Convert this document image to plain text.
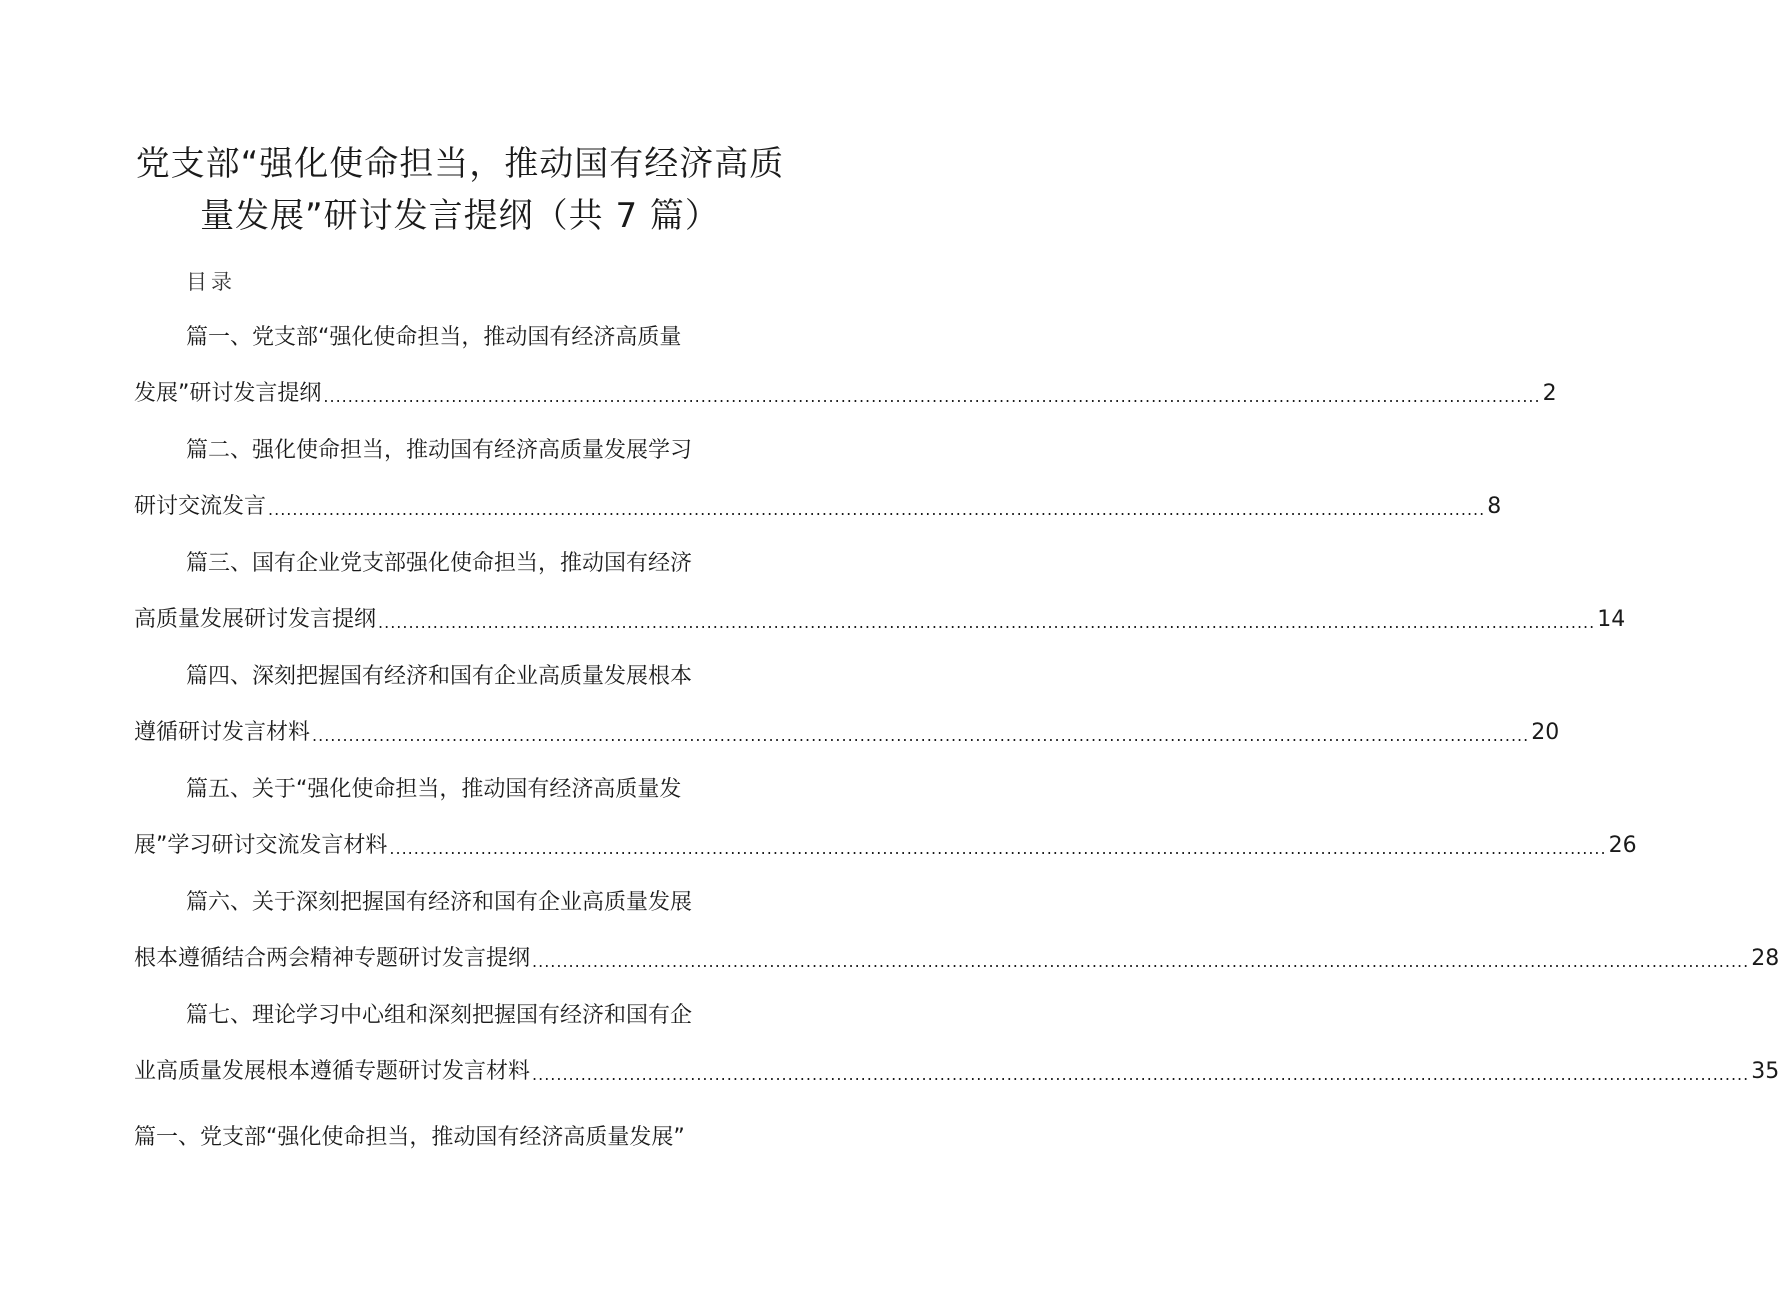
党支部“强化使命担当，推动国有经济高质
量发展”研讨发言提纲（共 7 篇）
目录
篇一、党支部“强化使命担当，推动国有经济高质量
发展”研讨发言提纲 ........................................................................................................................................................................................................ 2
篇二、强化使命担当，推动国有经济高质量发展学习
研讨交流发言 ........................................................................................................................................................................................................ 8
篇三、国有企业党支部强化使命担当，推动国有经济
高质量发展研讨发言提纲 ........................................................................................................................................................................................................ 14
篇四、深刻把握国有经济和国有企业高质量发展根本
遵循研讨发言材料 ........................................................................................................................................................................................................ 20
篇五、关于“强化使命担当，推动国有经济高质量发
展”学习研讨交流发言材料 ........................................................................................................................................................................................................ 26
篇六、关于深刻把握国有经济和国有企业高质量发展
根本遵循结合两会精神专题研讨发言提纲 ........................................................................................................................................................................................................ 28
篇七、理论学习中心组和深刻把握国有经济和国有企
业高质量发展根本遵循专题研讨发言材料 ........................................................................................................................................................................................................ 35
篇一、党支部“强化使命担当，推动国有经济高质量发展”
